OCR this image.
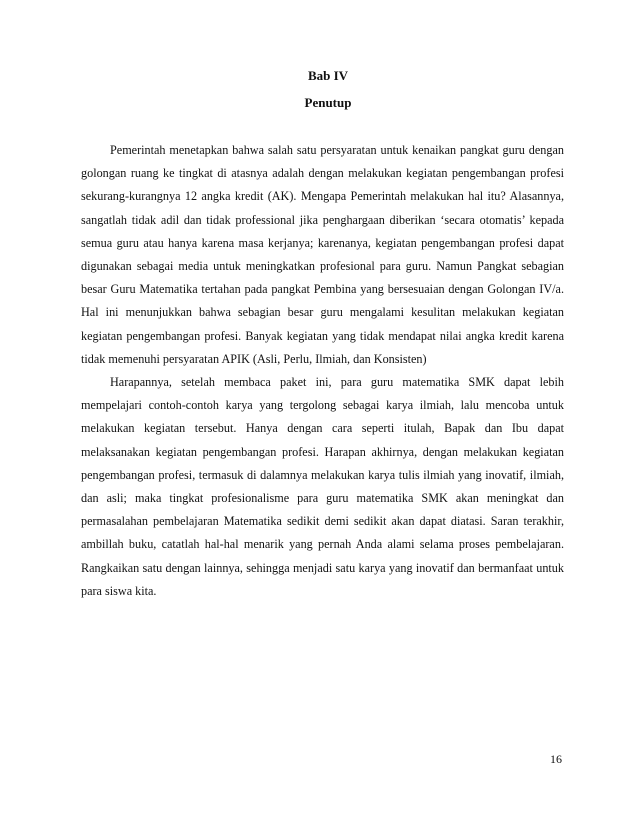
Bab IV
Penutup

Pemerintah menetapkan bahwa salah satu persyaratan untuk kenaikan pangkat guru dengan golongan ruang ke tingkat di atasnya adalah dengan melakukan kegiatan pengembangan profesi sekurang-kurangnya 12 angka kredit (AK). Mengapa Pemerintah melakukan hal itu? Alasannya, sangatlah tidak adil dan tidak professional jika penghargaan diberikan ‘secara otomatis’ kepada semua guru atau hanya karena masa kerjanya; karenanya, kegiatan pengembangan profesi dapat digunakan sebagai media untuk meningkatkan profesional para guru. Namun Pangkat sebagian besar Guru Matematika tertahan pada pangkat Pembina yang bersesuaian dengan Golongan IV/a. Hal ini menunjukkan bahwa sebagian besar guru mengalami kesulitan melakukan kegiatan kegiatan pengembangan profesi. Banyak kegiatan yang tidak mendapat nilai angka kredit karena tidak memenuhi persyaratan APIK (Asli, Perlu, Ilmiah, dan Konsisten)

Harapannya, setelah membaca paket ini, para guru matematika SMK dapat lebih mempelajari contoh-contoh karya yang tergolong sebagai karya ilmiah, lalu mencoba untuk melakukan kegiatan tersebut. Hanya dengan cara seperti itulah, Bapak dan Ibu dapat melaksanakan kegiatan pengembangan profesi. Harapan akhirnya, dengan melakukan kegiatan pengembangan profesi, termasuk di dalamnya melakukan karya tulis ilmiah yang inovatif, ilmiah, dan asli; maka tingkat profesionalisme para guru matematika SMK akan meningkat dan permasalahan pembelajaran Matematika sedikit demi sedikit akan dapat diatasi. Saran terakhir, ambillah buku, catatlah hal-hal menarik yang pernah Anda alami selama proses pembelajaran. Rangkaikan satu dengan lainnya, sehingga menjadi satu karya yang inovatif dan bermanfaat untuk para siswa kita.

16
